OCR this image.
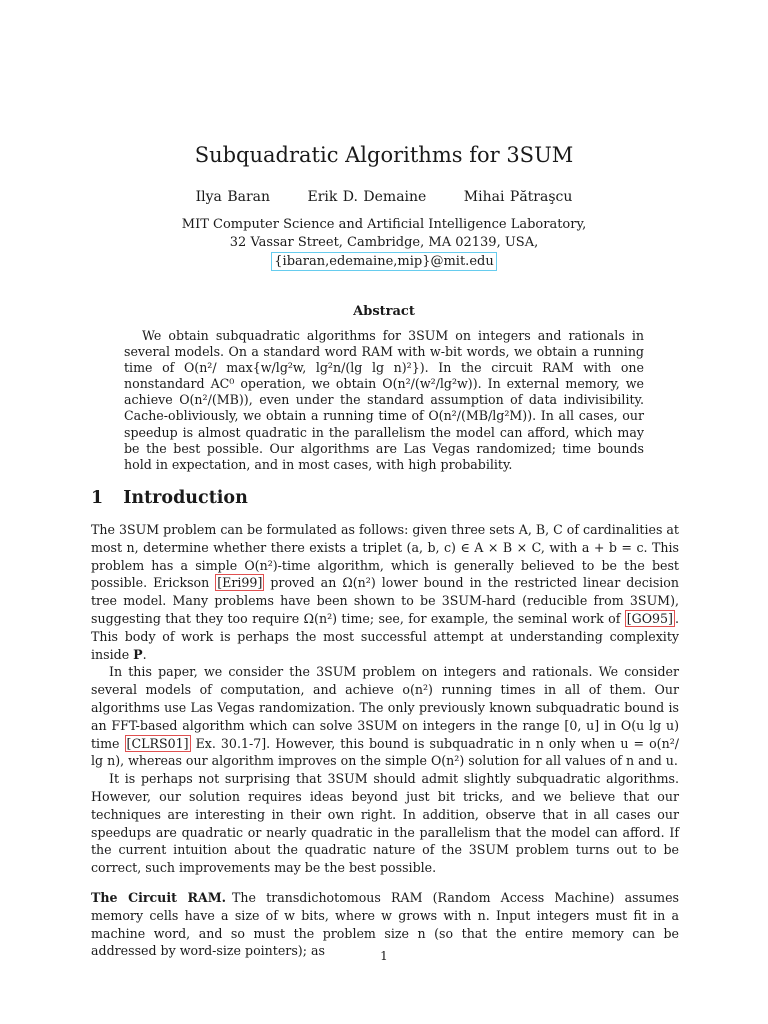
Subquadratic Algorithms for 3SUM
Ilya Baran	Erik D. Demaine	Mihai Pătraşcu
MIT Computer Science and Artificial Intelligence Laboratory,
32 Vassar Street, Cambridge, MA 02139, USA,
{ibaran,edemaine,mip}@mit.edu
Abstract

We obtain subquadratic algorithms for 3SUM on integers and rationals in several models. On a standard word RAM with w-bit words, we obtain a running time of O(n²/ max{w/lg²w, lg²n/(lg lg n)²}). In the circuit RAM with one nonstandard AC⁰ operation, we obtain O(n²/(w²/lg²w)). In external memory, we achieve O(n²/(MB)), even under the standard assumption of data indivisibility. Cache-obliviously, we obtain a running time of O(n²/(MB/lg²M)). In all cases, our speedup is almost quadratic in the parallelism the model can afford, which may be the best possible. Our algorithms are Las Vegas randomized; time bounds hold in expectation, and in most cases, with high probability.

1 Introduction

The 3SUM problem can be formulated as follows: given three sets A, B, C of cardinalities at most n, determine whether there exists a triplet (a, b, c) ∈ A × B × C, with a + b = c. This problem has a simple O(n²)-time algorithm, which is generally believed to be the best possible. Erickson [Eri99] proved an Ω(n²) lower bound in the restricted linear decision tree model. Many problems have been shown to be 3SUM-hard (reducible from 3SUM), suggesting that they too require Ω(n²) time; see, for example, the seminal work of [GO95] . This body of work is perhaps the most successful attempt at understanding complexity inside P.

In this paper, we consider the 3SUM problem on integers and rationals. We consider several models of computation, and achieve o(n²) running times in all of them. Our algorithms use Las Vegas randomization. The only previously known subquadratic bound is an FFT-based algorithm which can solve 3SUM on integers in the range [0, u] in O(u lg u) time [CLRS01] Ex. 30.1-7]. However, this bound is subquadratic in n only when u = o(n²/ lg n), whereas our algorithm improves on the simple O(n²) solution for all values of n and u.

It is perhaps not surprising that 3SUM should admit slightly subquadratic algorithms. However, our solution requires ideas beyond just bit tricks, and we believe that our techniques are interesting in their own right. In addition, observe that in all cases our speedups are quadratic or nearly quadratic in the parallelism that the model can afford. If the current intuition about the quadratic nature of the 3SUM problem turns out to be correct, such improvements may be the best possible.

The Circuit RAM. The transdichotomous RAM (Random Access Machine) assumes memory cells have a size of w bits, where w grows with n. Input integers must fit in a machine word, and so must the problem size n (so that the entire memory can be addressed by word-size pointers); as	1
